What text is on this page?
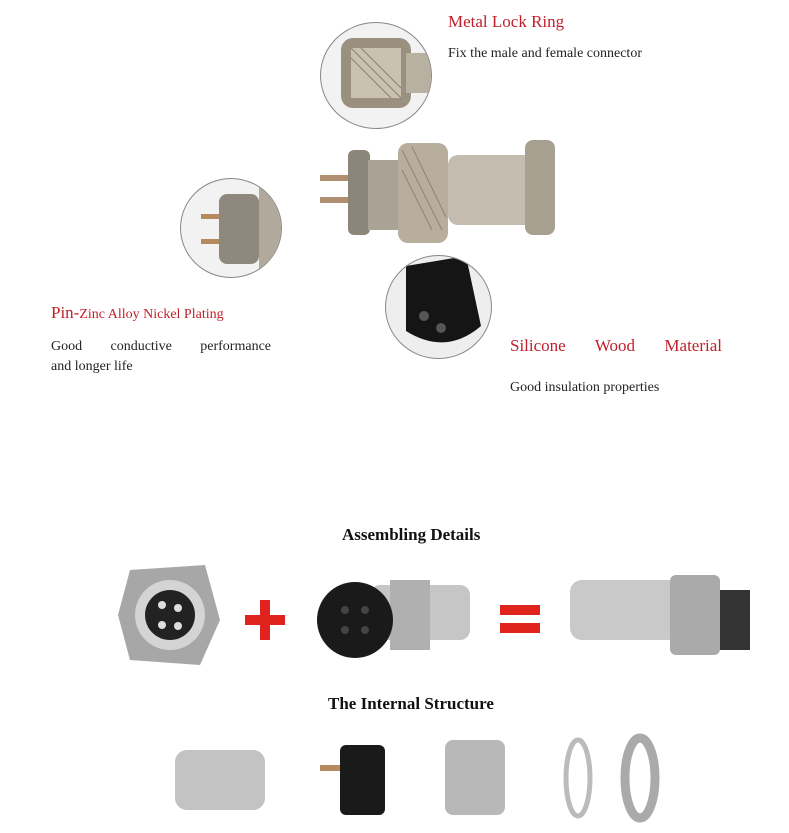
Metal Lock Ring
Fix the male and female connector
Pin-Zinc Alloy Nickel Plating
Good conductive performance
and longer life
Silicone Wood Material
Good insulation properties
Assembling Details
The Internal Structure
